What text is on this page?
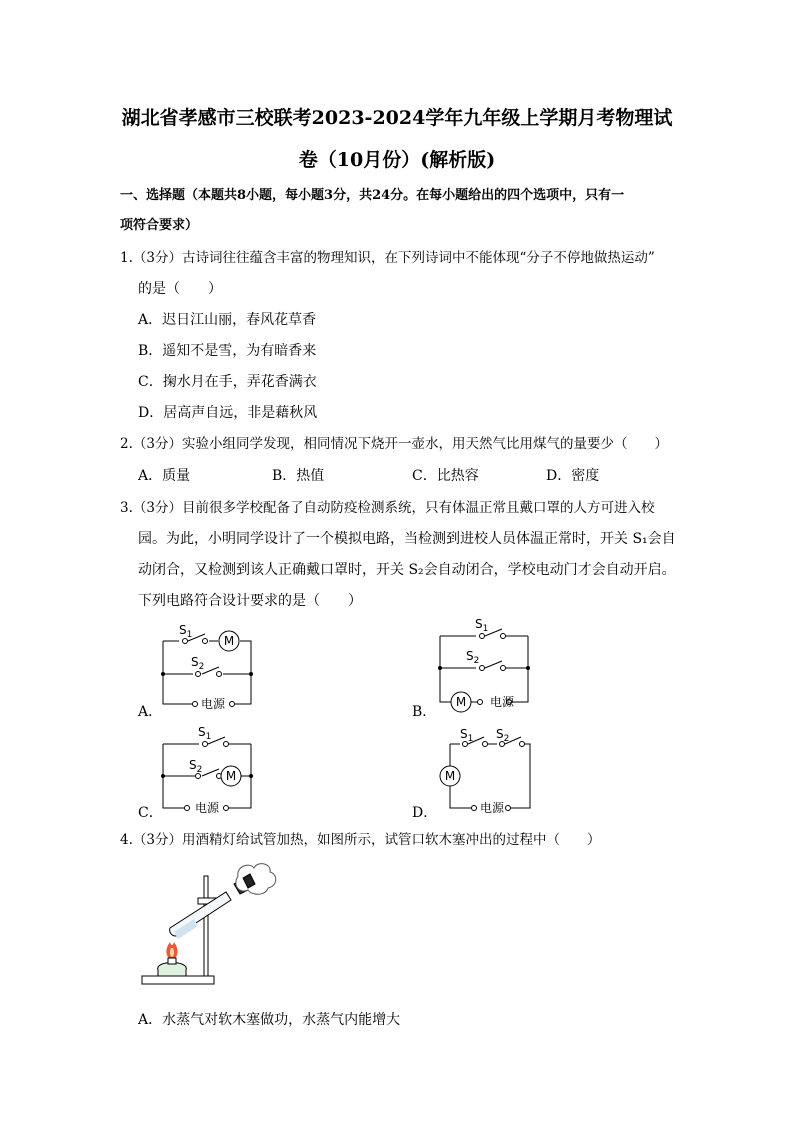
湖北省孝感市三校联考2023-2024学年九年级上学期月考物理试
卷（10月份）(解析版)
一、选择题（本题共8小题，每小题3分，共24分。在每小题给出的四个选项中，只有一
项符合要求）
1.（3分）古诗词往往蕴含丰富的物理知识，在下列诗词中不能体现“分子不停地做热运动”
的是（　　）
A．迟日江山丽，春风花草香
B．遥知不是雪，为有暗香来
C．掬水月在手，弄花香满衣
D．居高声自远，非是藉秋风
2.（3分）实验小组同学发现，相同情况下烧开一壶水，用天然气比用煤气的量要少（　　）
A．质量	B．热值	C．比热容	D．密度
3.（3分）目前很多学校配备了自动防疫检测系统，只有体温正常且戴口罩的人方可进入校
园。为此，小明同学设计了一个模拟电路，当检测到进校人员体温正常时，开关 S₁会自
动闭合，又检测到该人正确戴口罩时，开关 S₂会自动闭合，学校电动门才会自动开启。
下列电路符合设计要求的是（　　）
A．	B．
C．	D．
$S_1$
$S_2$
M
电源
$S_1$
$S_2$
M 电源
$S_1$
$S_2$ M
电源
$S_1$ $S_2$
M
电源
4.（3分）用酒精灯给试管加热，如图所示，试管口软木塞冲出的过程中（　　）
A．水蒸气对软木塞做功，水蒸气内能增大
